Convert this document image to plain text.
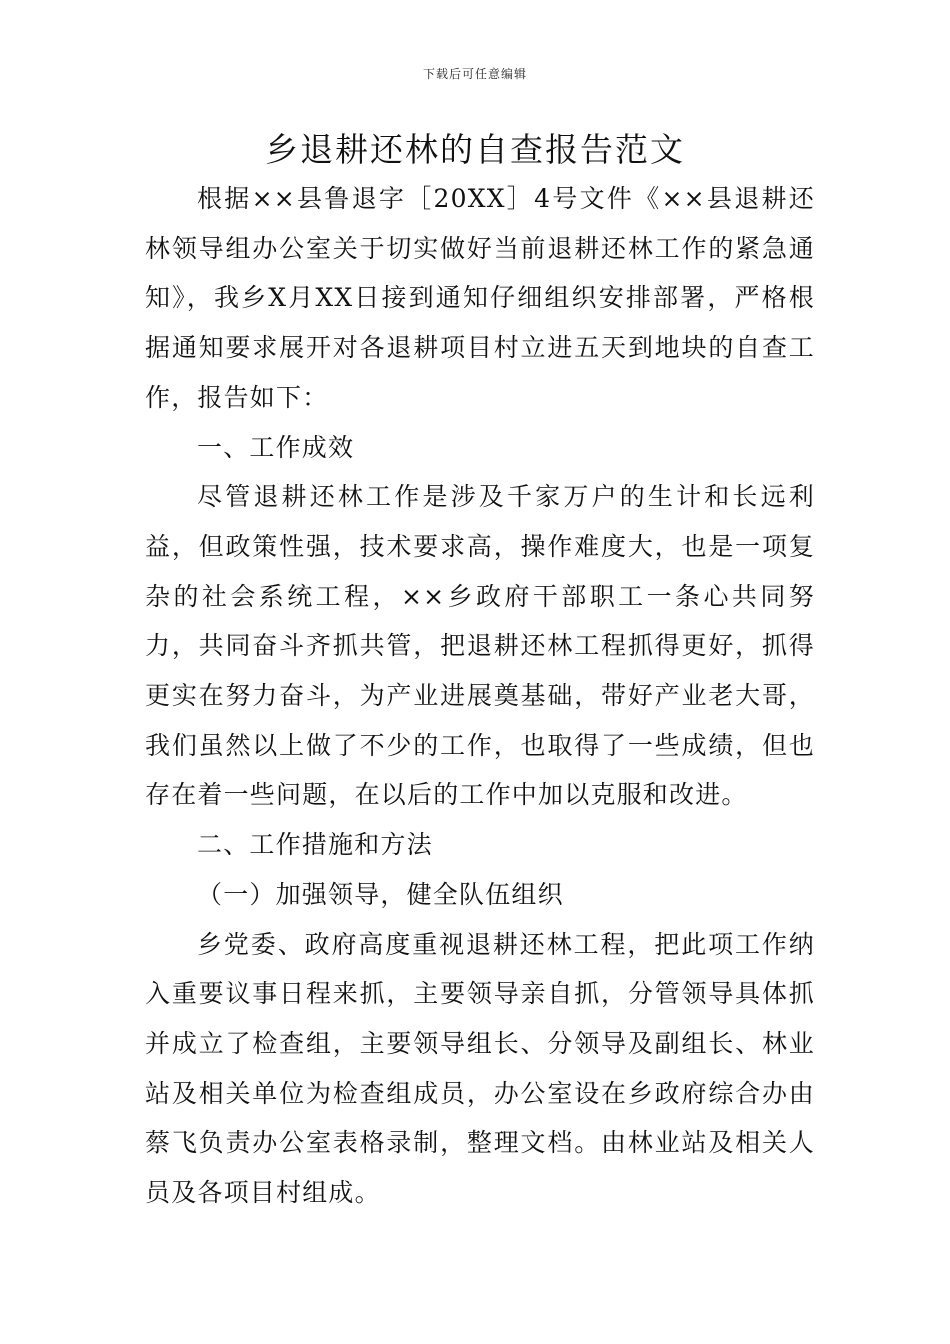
下载后可任意编辑
乡退耕还林的自查报告范文

根据××县鲁退字［20XX］4号文件《××县退耕还林领导组办公室关于切实做好当前退耕还林工作的紧急通知》，我乡X月XX日接到通知仔细组织安排部署，严格根据通知要求展开对各退耕项目村立进五天到地块的自查工作，报告如下：

一、工作成效

尽管退耕还林工作是涉及千家万户的生计和长远利益，但政策性强，技术要求高，操作难度大，也是一项复杂的社会系统工程，××乡政府干部职工一条心共同努力，共同奋斗齐抓共管，把退耕还林工程抓得更好，抓得更实在努力奋斗，为产业进展奠基础，带好产业老大哥，我们虽然以上做了不少的工作，也取得了一些成绩，但也存在着一些问题，在以后的工作中加以克服和改进。

二、工作措施和方法

（一）加强领导，健全队伍组织

乡党委、政府高度重视退耕还林工程，把此项工作纳入重要议事日程来抓，主要领导亲自抓，分管领导具体抓并成立了检查组，主要领导组长、分领导及副组长、林业站及相关单位为检查组成员，办公室设在乡政府综合办由蔡飞负责办公室表格录制，整理文档。由林业站及相关人员及各项目村组成。
